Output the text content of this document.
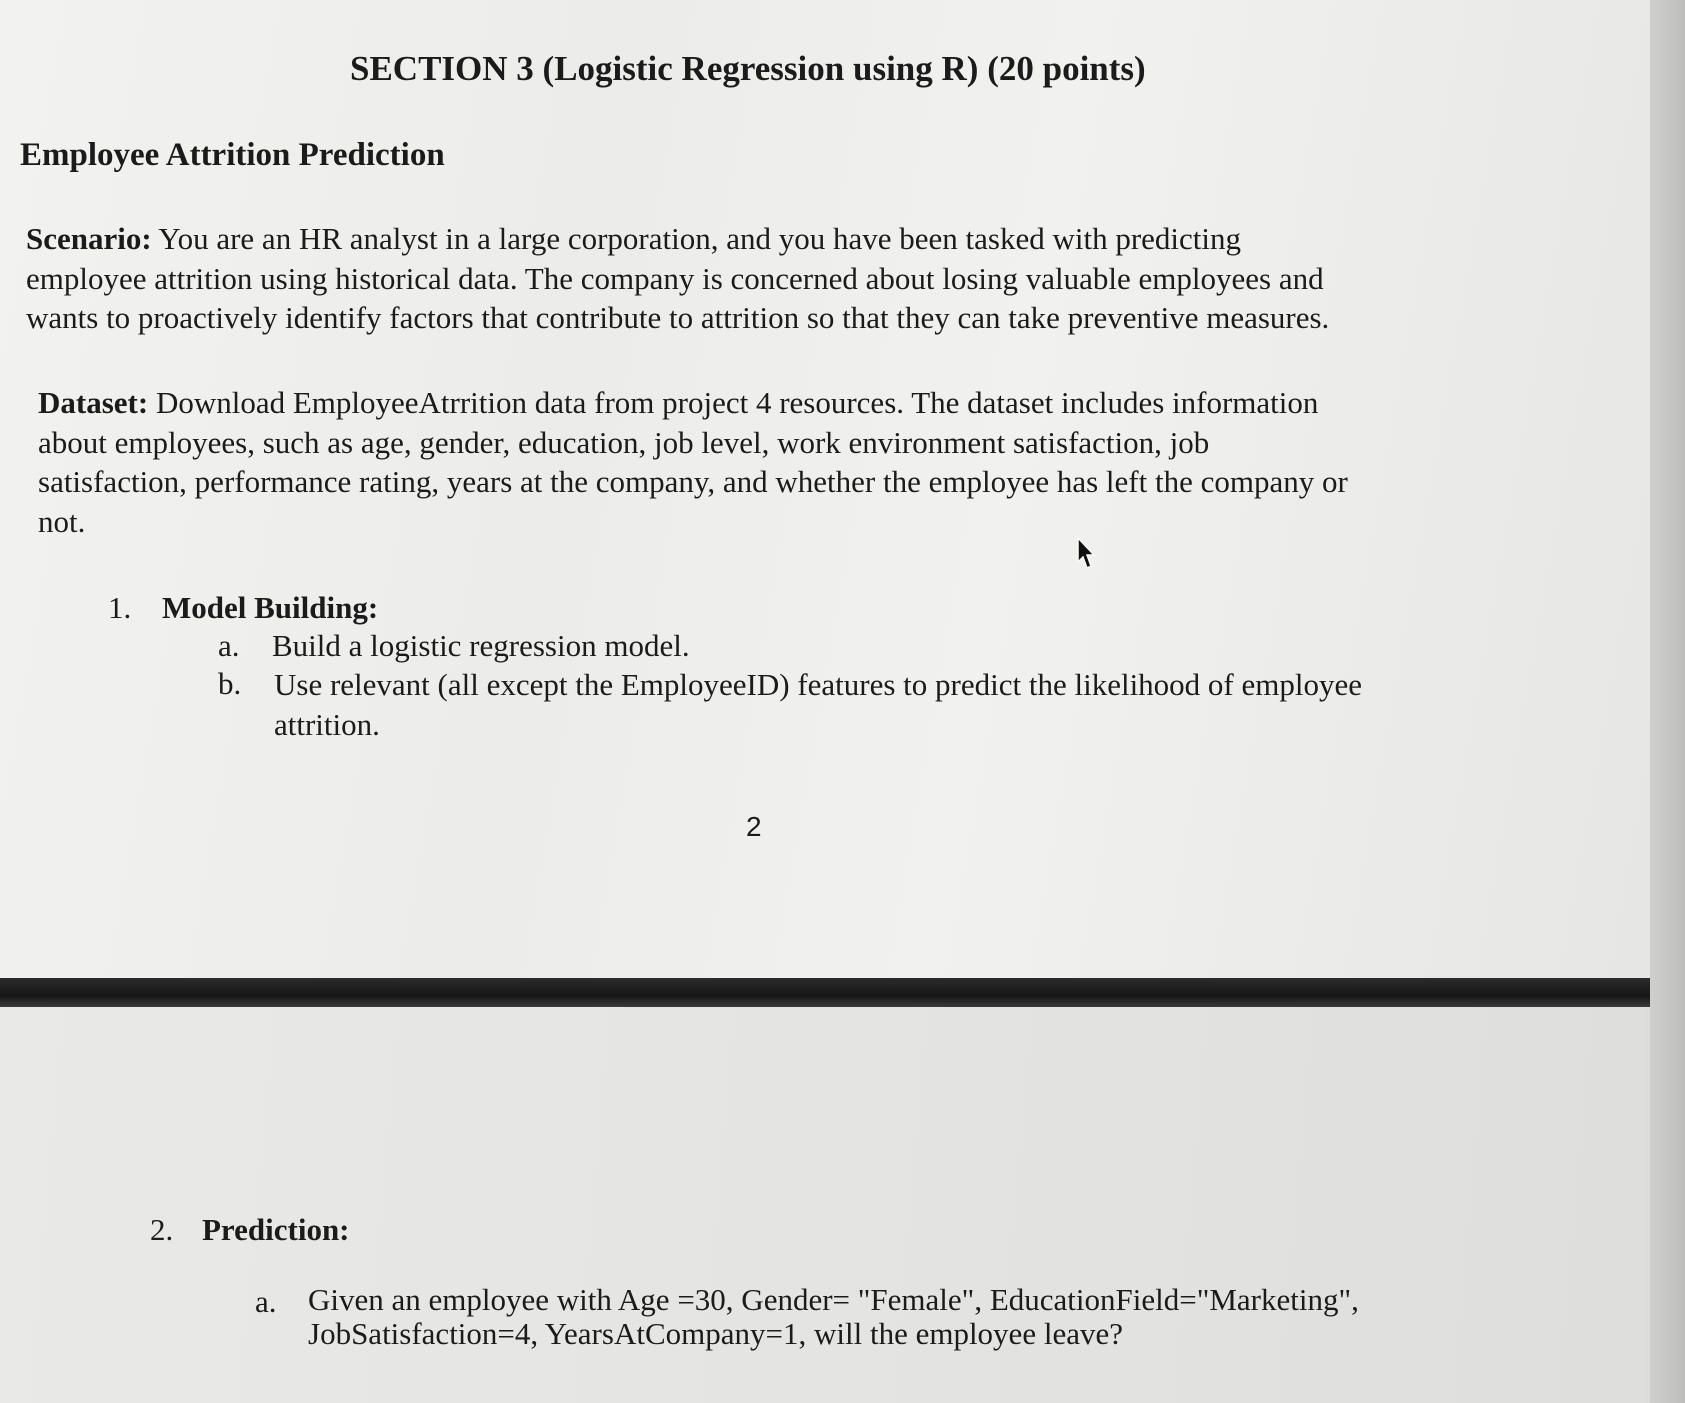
SECTION 3 (Logistic Regression using R) (20 points)
Employee Attrition Prediction
Scenario: You are an HR analyst in a large corporation, and you have been tasked with predicting
employee attrition using historical data. The company is concerned about losing valuable employees and
wants to proactively identify factors that contribute to attrition so that they can take preventive measures.
Dataset: Download EmployeeAtrrition data from project 4 resources. The dataset includes information
about employees, such as age, gender, education, job level, work environment satisfaction, job
satisfaction, performance rating, years at the company, and whether the employee has left the company or
not.
1. Model Building:
a. Build a logistic regression model.
b. Use relevant (all except the EmployeeID) features to predict the likelihood of employee
attrition.
2
2. Prediction:
a. Given an employee with Age =30, Gender= "Female", EducationField="Marketing",
JobSatisfaction=4, YearsAtCompany=1, will the employee leave?
